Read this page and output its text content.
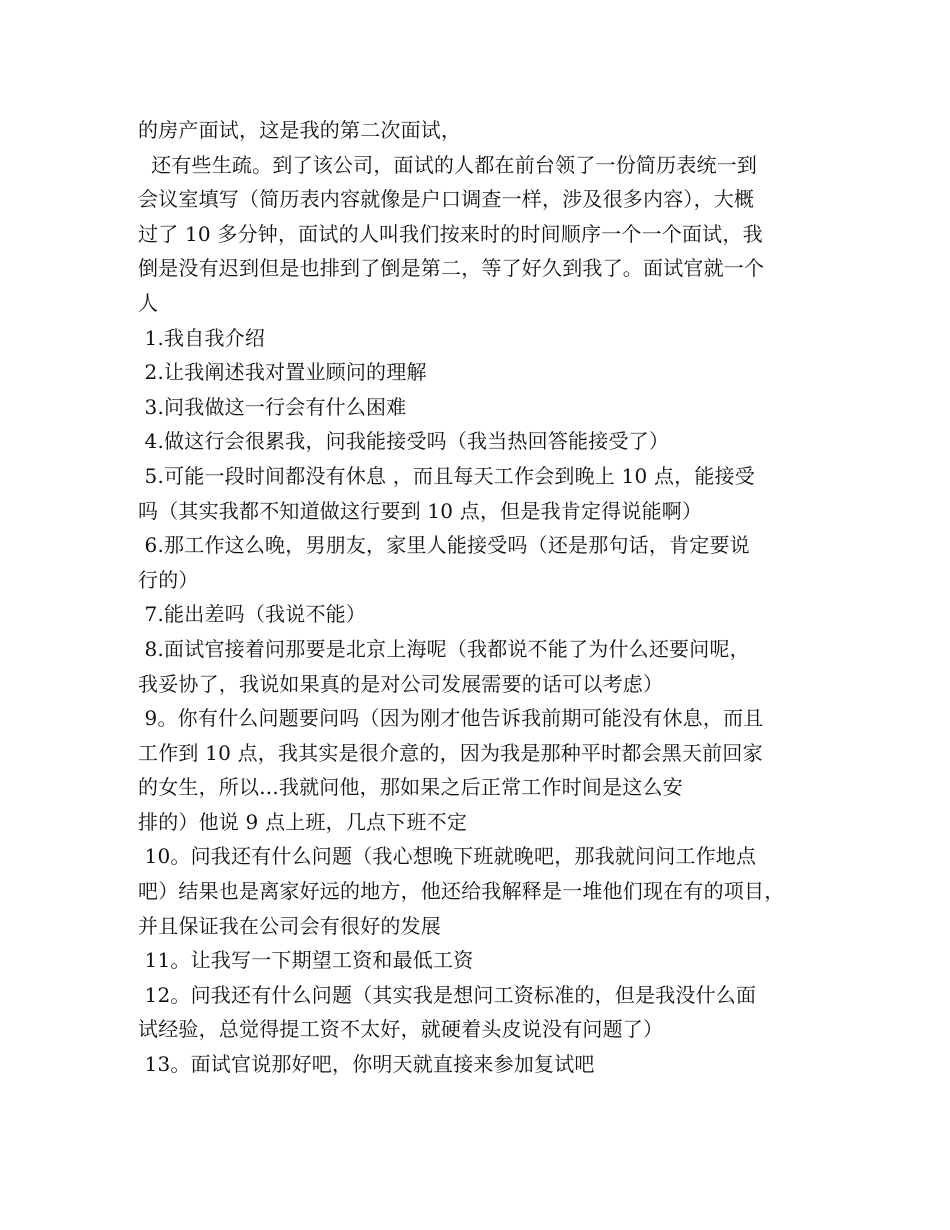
的房产面试，这是我的第二次面试，
还有些生疏。到了该公司，面试的人都在前台领了一份简历表统一到
会议室填写（简历表内容就像是户口调查一样，涉及很多内容），大概
过了 10 多分钟，面试的人叫我们按来时的时间顺序一个一个面试，我
倒是没有迟到但是也排到了倒是第二，等了好久到我了。面试官就一个
人
1.我自我介绍
2.让我阐述我对置业顾问的理解
3.问我做这一行会有什么困难
4.做这行会很累我，问我能接受吗（我当热回答能接受了）
5.可能一段时间都没有休息 ，而且每天工作会到晚上 10 点，能接受
吗（其实我都不知道做这行要到 10 点，但是我肯定得说能啊）
6.那工作这么晚，男朋友，家里人能接受吗（还是那句话，肯定要说
行的）
7.能出差吗（我说不能）
8.面试官接着问那要是北京上海呢（我都说不能了为什么还要问呢，
我妥协了，我说如果真的是对公司发展需要的话可以考虑）
9。你有什么问题要问吗（因为刚才他告诉我前期可能没有休息，而且
工作到 10 点，我其实是很介意的，因为我是那种平时都会黑天前回家
的女生，所以...我就问他，那如果之后正常工作时间是这么安
排的）他说 9 点上班，几点下班不定
10。问我还有什么问题（我心想晚下班就晚吧，那我就问问工作地点
吧）结果也是离家好远的地方，他还给我解释是一堆他们现在有的项目，
并且保证我在公司会有很好的发展
11。让我写一下期望工资和最低工资
12。问我还有什么问题（其实我是想问工资标准的，但是我没什么面
试经验，总觉得提工资不太好，就硬着头皮说没有问题了）
13。面试官说那好吧，你明天就直接来参加复试吧
